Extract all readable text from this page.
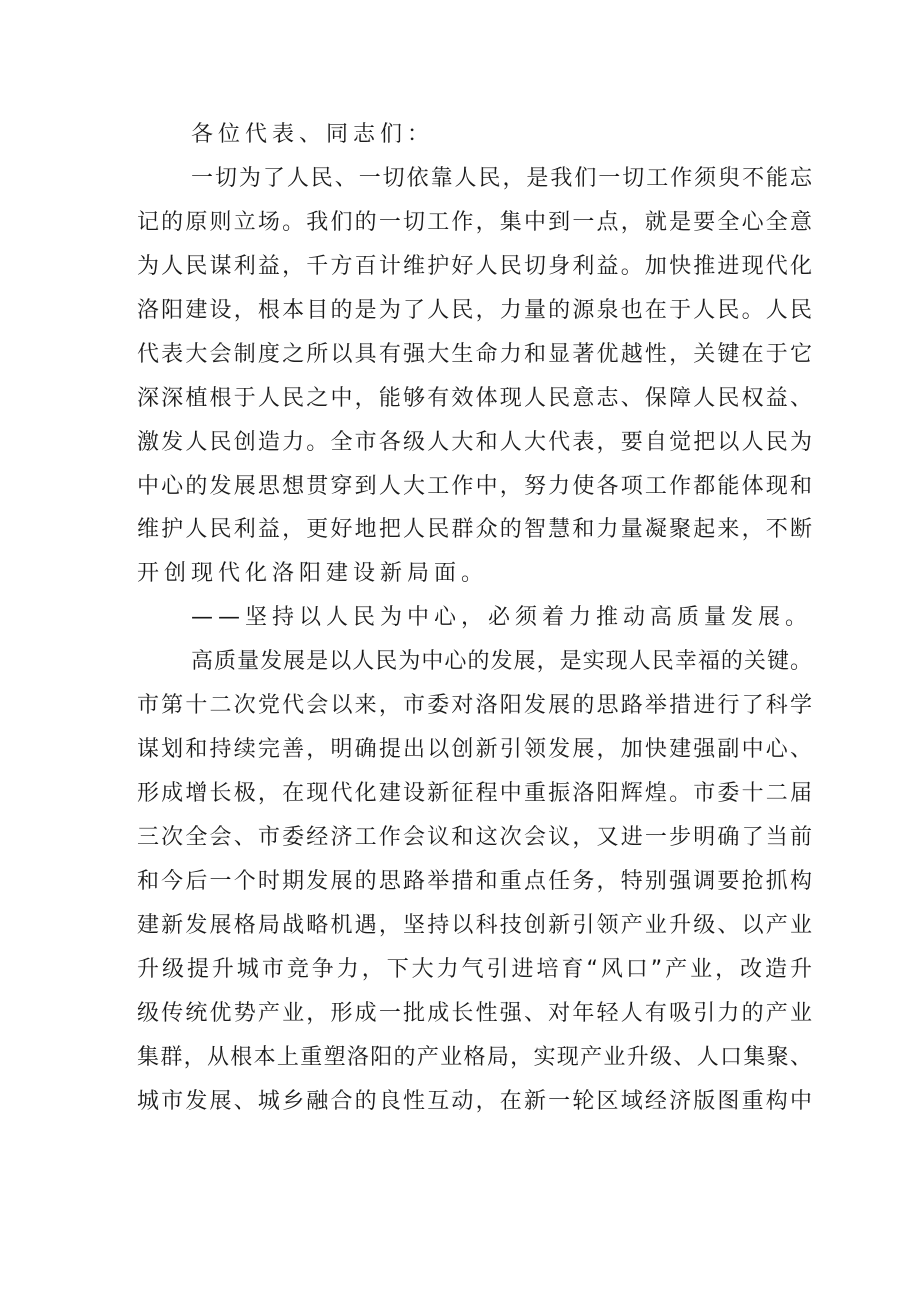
各位代表、同志们：
一切为了人民、一切依靠人民，是我们一切工作须臾不能忘
记的原则立场。我们的一切工作，集中到一点，就是要全心全意
为人民谋利益，千方百计维护好人民切身利益。加快推进现代化
洛阳建设，根本目的是为了人民，力量的源泉也在于人民。人民
代表大会制度之所以具有强大生命力和显著优越性，关键在于它
深深植根于人民之中，能够有效体现人民意志、保障人民权益、
激发人民创造力。全市各级人大和人大代表，要自觉把以人民为
中心的发展思想贯穿到人大工作中，努力使各项工作都能体现和
维护人民利益，更好地把人民群众的智慧和力量凝聚起来，不断
开创现代化洛阳建设新局面。
——坚持以人民为中心，必须着力推动高质量发展。
高质量发展是以人民为中心的发展，是实现人民幸福的关键。
市第十二次党代会以来，市委对洛阳发展的思路举措进行了科学
谋划和持续完善，明确提出以创新引领发展，加快建强副中心、
形成增长极，在现代化建设新征程中重振洛阳辉煌。市委十二届
三次全会、市委经济工作会议和这次会议，又进一步明确了当前
和今后一个时期发展的思路举措和重点任务，特别强调要抢抓构
建新发展格局战略机遇，坚持以科技创新引领产业升级、以产业
升级提升城市竞争力，下大力气引进培育“风口”产业，改造升
级传统优势产业，形成一批成长性强、对年轻人有吸引力的产业
集群，从根本上重塑洛阳的产业格局，实现产业升级、人口集聚、
城市发展、城乡融合的良性互动，在新一轮区域经济版图重构中
